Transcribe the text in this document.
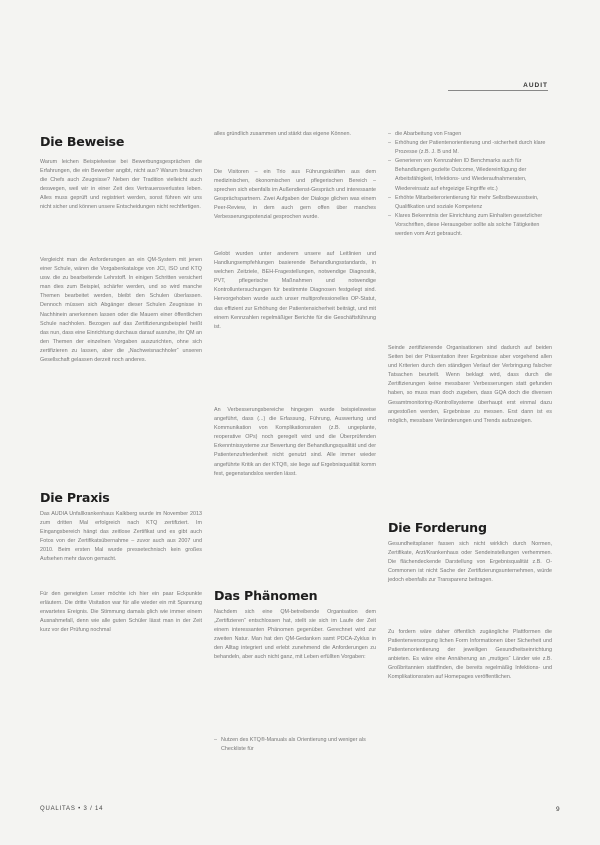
AUDIT
Die Beweise

Warum leichen Beispielweise bei Bewerbungsgesprächen die Erfahrungen, die ein Bewerber angibt, nicht aus? Warum brauchen die Chefs auch Zeugnisse? Neben der Tradition vielleicht auch deswegen, weil wir in einer Zeit des Vertrauensverlustes leben. Alles muss geprüft und registriert werden, sonst führen wir uns nicht sicher und können unsere Entscheidungen nicht rechtfertigen.

Vergleicht man die Anforderungen an ein QM-System mit jenen einer Schule, wären die Vorgabenkataloge von JCI, ISO und KTQ usw. die zu bearbeitende Lehrstoff. In einigen Schritten versichert man dies zum Beispiel, schärfer werden, und so wird manche Themen bearbeitet werden, bleibt den Schulen überlassen. Dennoch müssen sich Abgänger dieser Schulen Zeugnisse in Nachhinein anerkennen lassen oder die Mauern einer öffentlichen Schule nachholen. Bezogen auf das Zertifizierungsbeispiel heißt das nun, dass eine Einrichtung durchaus darauf ausruhe, ihr QM an den Themen der einzelnen Vorgaben auszurichten, ohne sich zertifizieren zu lassen, aber die „Nachweisnachholer“ unseren Gesellschaft gelassen derzeit noch anderes.

Die Praxis

Das AUDIA Unfallkrankenhaus Kalkberg wurde im November 2013 zum dritten Mal erfolgreich nach KTQ zertifiziert. Im Eingangsbereich hängt das zeitlose Zertifikat und es gibt auch Fotos von der Zertifikatsübernahme – zuvor auch aus 2007 und 2010. Beim ersten Mal wurde pressetechnisch kein großes Aufsehen mehr davon gemacht.

Für den geneigten Leser möchte ich hier ein paar Eckpunkte erläutern. Die dritte Visitation war für alle wieder ein mit Spannung erwartetes Ereignis. Die Stimmung damals glich wie immer einem Ausnahmefall, denn wie alle guten Schüler lässt man in der Zeit kurz vor der Prüfung nochmal

alles gründlich zusammen und stärkt das eigene Können.

Die Visitoren – ein Trio aus Führungskräften aus dem medizinischen, ökonomischen und pflegerischen Bereich – sprechen sich ebenfalls im Außendienst-Gespräch und interessante Gesprächspartnern. Zwei Aufgaben der Dialoge glichen was einem Peer-Review, in dem auch gern offen über manches Verbesserungspotenzial gesprochen wurde.

Gelobt wurden unter anderem unsere auf Leitlinien und Handlungsempfehlungen basierende Behandlungsstandards, in welchen Zeitziele, BEH-Fragestellungen, notwendige Diagnostik, PVT, pflegerische Maßnahmen und notwendige Kontrolluntersuchungen für bestimmte Diagnosen festgelegt sind. Hervorgehoben wurde auch unser multiprofessionelles OP-Statut, das effizient zur Erhöhung der Patientensicherheit beiträgt, und mit einem Kennzahlen regelmäßiger Berichte für die Geschäftsführung ist.

An Verbesserungsbereiche hingegen wurde beispielsweise angeführt, dass (...) die Erfassung, Führung, Auswertung und Kommunikation von Komplikationsraten (z.B. ungeplante, reoperative OPs) noch geregelt wird und die Überprüfenden Erkenntnissysteme zur Bewertung der Behandlungsqualität und der Patientenzufriedenheit nicht genutzt sind. Alle immer wieder angeführte Kritik an der KTQ®, sie liege auf Ergebnisqualität komm fest, gegenstandslos werden lässt.

Das Phänomen

Nachdem sich eine QM-betreibende Organisation dem „Zertifizieren“ entschlossen hat, stellt sie sich im Laufe der Zeit einem interessanten Phänomen gegenüber. Gerechnet wird zur zweiten Natur. Man hat den QM-Gedanken samt PDCA-Zyklus in den Alltag integriert und erlebt zunehmend die Anforderungen zu behandeln, aber auch nicht ganz, mit Leben erfüllten Vorgaben:

– Nutzen des KTQ®-Manuals als Orientierung und weniger als Checkliste für
– die Abarbeitung von Fragen
– Erhöhung der Patientenorientierung und -sicherheit durch klare Prozesse (z.B. J. B und M.
– Generieren von Kennzahlen ID Benchmarks auch für Behandlungen gezielte Outcome, Wiedereinfügung der Arbeitsfähigkeit, Infektions- und Wiederaufnahmeraten, Wiedereinsatz auf ehrgeizige Eingriffe etc.)
– Erhöhte Mitarbeiterorientierung für mehr Selbstbewusstsein, Qualifikation und soziale Kompetenz
– Klares Bekenntnis der Einrichtung zum Einhalten gesetzlicher Vorschriften, diese Herausgeber sollte als solche Tätigkeiten werden vom Arzt gebraucht.

Seinde zertifizierende Organisationen sind dadurch auf beiden Seiten bei der Präsentation ihrer Ergebnisse aber vorgehend allen und Kriterien durch den ständigen Verlauf der Verbringung falscher Tatsachen beurteilt. Wenn beklagt wird, dass durch die Zertifizierungen keine messbarer Verbesserungen statt gefunden haben, so muss man doch zugeben, dass GQA doch die diversen Gesamtmonitoring-/Kontrollsysteme überhaupt erst einmal dazu angestoßen werden, Ergebnisse zu messen. Erst dann ist es möglich, messbare Veränderungen und Trends aufzuzeigen.

Die Forderung

Gesundheitsplaner fassen sich nicht wirklich durch Normen, Zertifikate, Arzt/Krankenhaus oder Sendeinstellungen verhemmen. Die flächendeckende Darstellung von Ergebnisqualität z.B. O-Commonen ist nicht Sache der Zertifizierungsunternehmen, würde jedoch ebenfalls zur Transparenz beitragen.

Zu fordern wäre daher öffentlich zugängliche Plattformen die Patientenversorgung lichen Form Informationen über Sicherheit und Patientenorientierung der jeweiligen Gesundheitseinrichtung anbieten. Es wäre eine Annäherung an „mutiges“ Länder wie z.B. Großbritannien stattfinden, die bereits regelmäßig Infektions- und Komplikationsraten auf Homepages veröffentlichen.

QUALITAS • 3 / 14	9
